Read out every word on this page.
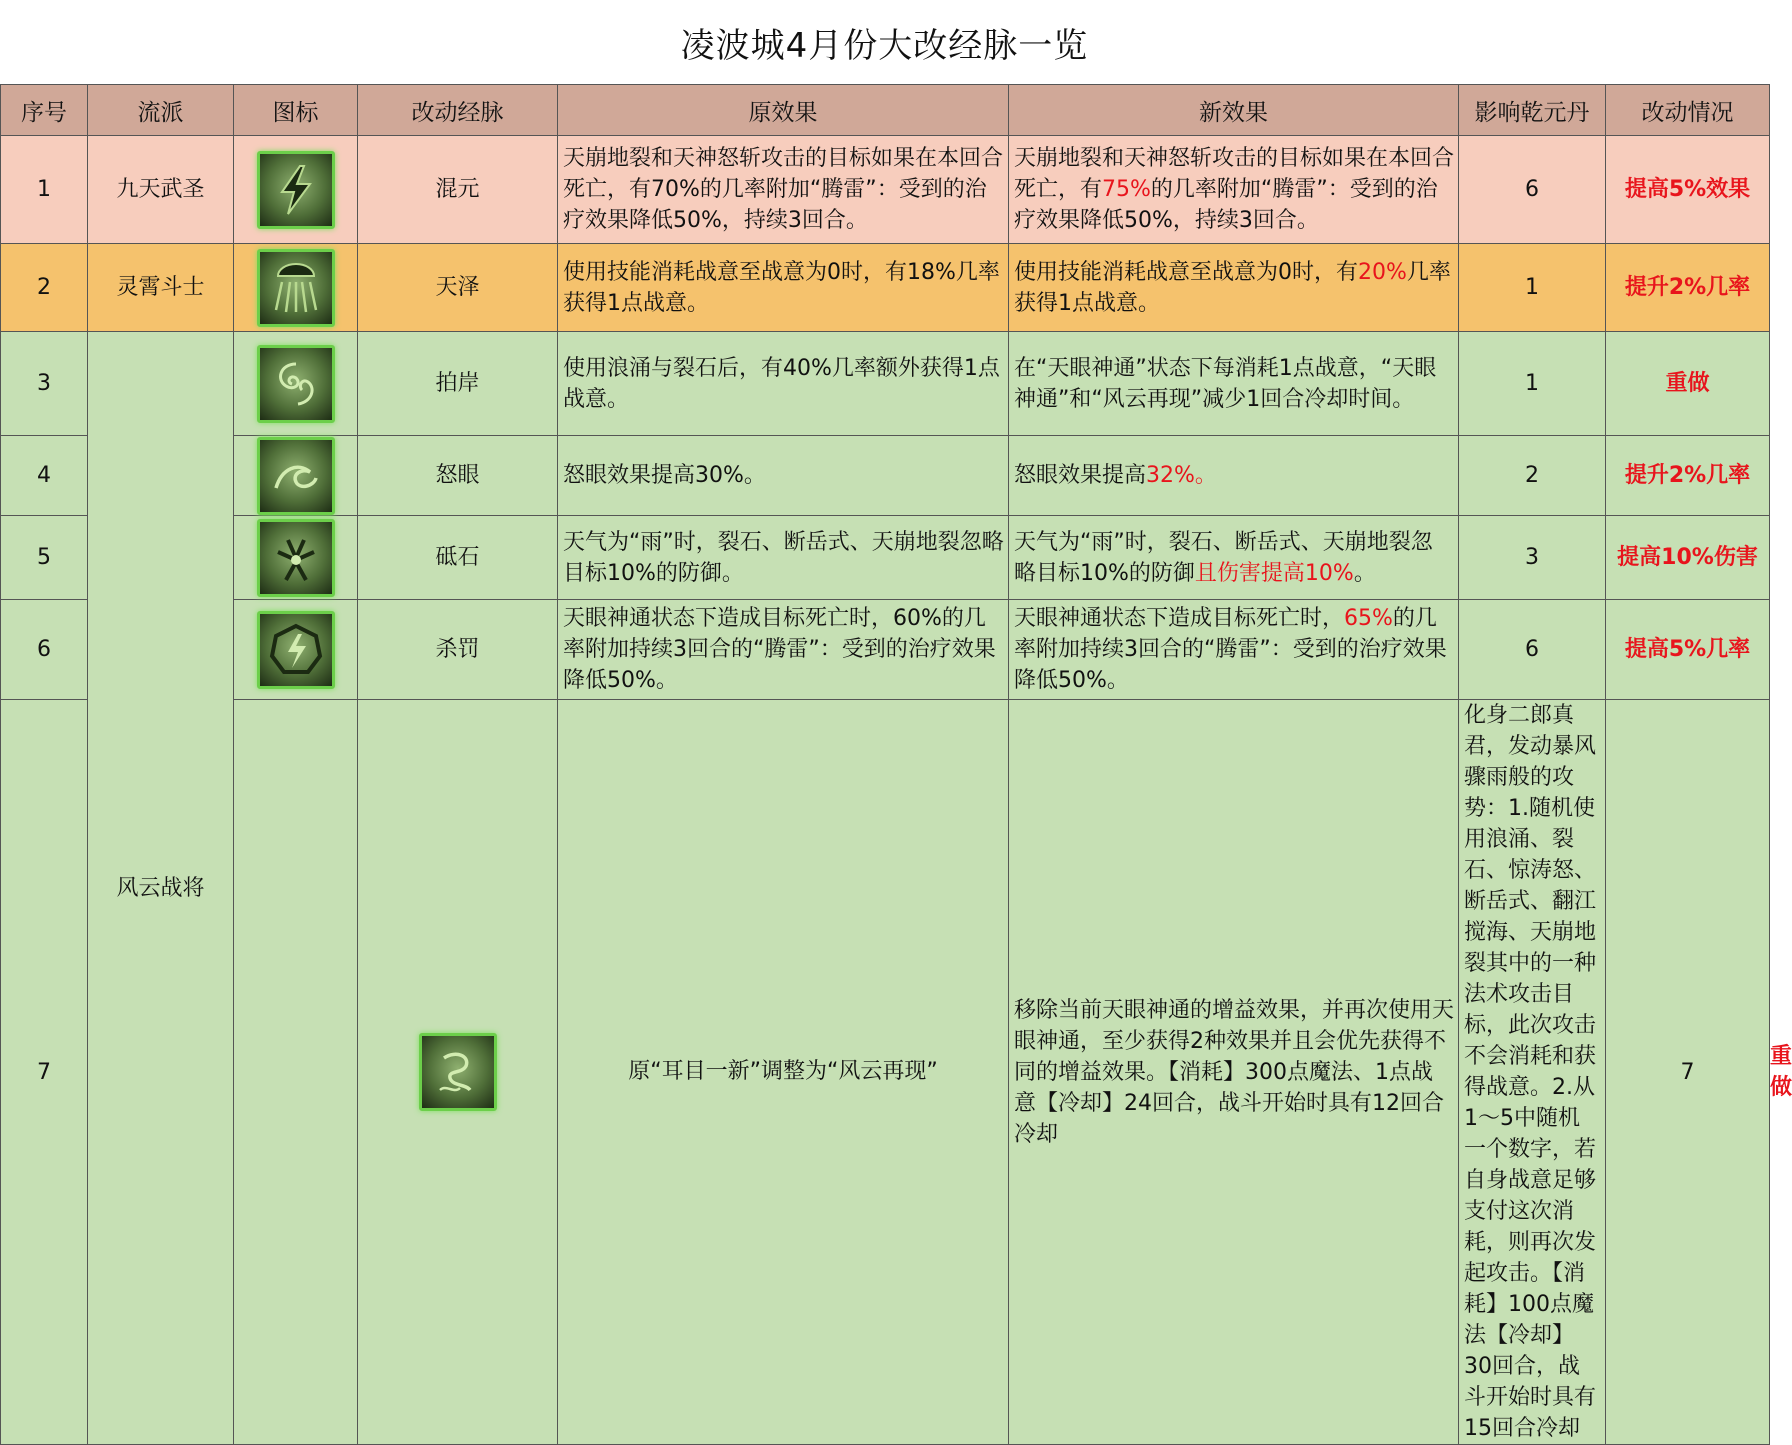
凌波城4月份大改经脉一览
序号	流派	图标	改动经脉	原效果	新效果	影响乾元丹	改动情况	
1	九天武圣		混元	天崩地裂和天神怒斩攻击的目标如果在本回合死亡，有70%的几率附加“腾雷”：受到的治疗效果降低50%，持续3回合。	天崩地裂和天神怒斩攻击的目标如果在本回合死亡，有75%的几率附加“腾雷”：受到的治疗效果降低50%，持续3回合。	6	提高5%效果	
2	灵霄斗士		天泽	使用技能消耗战意至战意为0时，有18%几率获得1点战意。	使用技能消耗战意至战意为0时，有20%几率获得1点战意。	1	提升2%几率	
3	风云战将		拍岸	使用浪涌与裂石后，有40%几率额外获得1点战意。	在“天眼神通”状态下每消耗1点战意，“天眼神通”和“风云再现”减少1回合冷却时间。	1	重做	
4			怒眼	怒眼效果提高30%。	怒眼效果提高32%。	2	提升2%几率	
5			砥石	天气为“雨”时，裂石、断岳式、天崩地裂忽略目标10%的防御。	天气为“雨”时，裂石、断岳式、天崩地裂忽略目标10%的防御且伤害提高10%。	3	提高10%伤害	
6			杀罚	天眼神通状态下造成目标死亡时，60%的几率附加持续3回合的“腾雷”：受到的治疗效果降低50%。	天眼神通状态下造成目标死亡时，65%的几率附加持续3回合的“腾雷”：受到的治疗效果降低50%。	6	提高5%几率	
7				原“耳目一新”调整为“风云再现”	移除当前天眼神通的增益效果，并再次使用天眼神通，至少获得2种效果并且会优先获得不同的增益效果。【消耗】300点魔法、1点战意【冷却】24回合，战斗开始时具有12回合冷却	化身二郎真君，发动暴风骤雨般的攻势：1.随机使用浪涌、裂石、惊涛怒、断岳式、翻江搅海、天崩地裂其中的一种法术攻击目标，此次攻击不会消耗和获得战意。2.从1～5中随机一个数字，若自身战意足够支付这次消耗，则再次发起攻击。【消耗】100点魔法【冷却】30回合，战斗开始时具有15回合冷却	7	重做
